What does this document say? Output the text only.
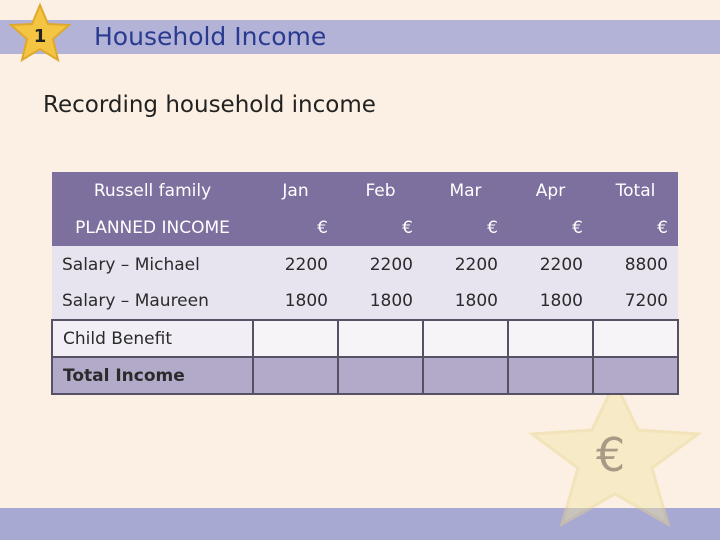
1	Household Income
Recording household income
€
Russell family	Jan	Feb	Mar	Apr	Total
PLANNED INCOME	€	€	€	€	€
Salary – Michael	2200	2200	2200	2200	8800
Salary – Maureen	1800	1800	1800	1800	7200
Child Benefit					
Total Income					
